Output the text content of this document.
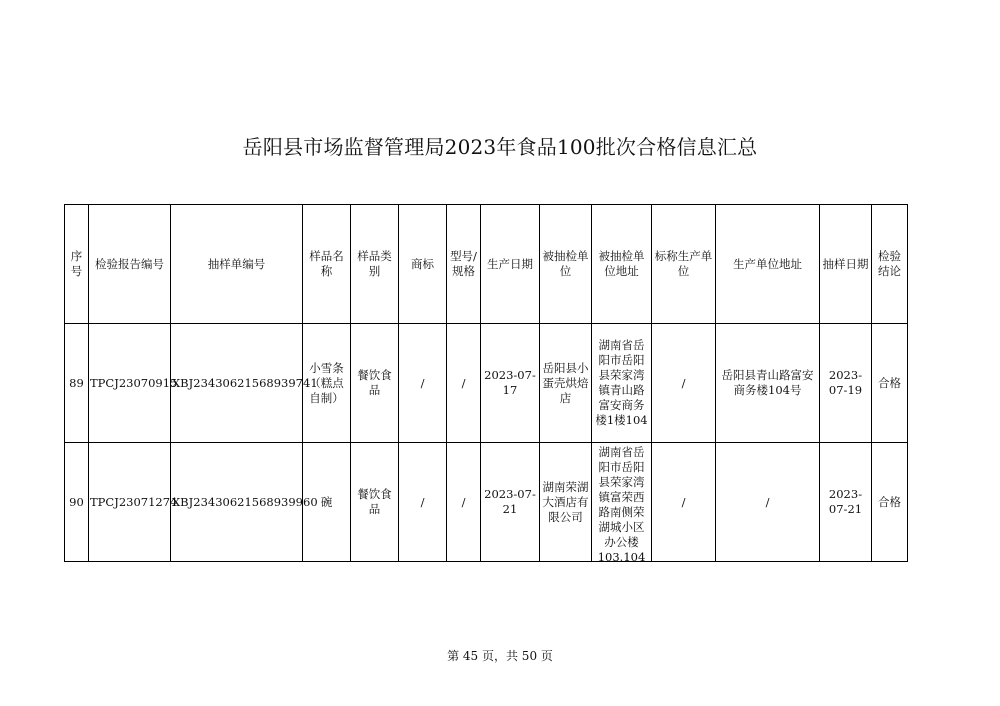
岳阳县市场监督管理局2023年食品100批次合格信息汇总
序号	检验报告编号	抽样单编号	样品名称	样品类别	商标	型号/规格	生产日期	被抽检单位	被抽检单位地址	标称生产单位	生产单位地址	抽样日期	检验结论
89	TPCJ23070915	XBJ23430621568939741	小雪条（糕点自制）	餐饮食品	/	/	2023-07-17	岳阳县小蛋壳烘焙店	湖南省岳阳市岳阳县荣家湾镇青山路富安商务楼1楼104	/	岳阳县青山路富安商务楼104号	2023-07-19	合格
90	TPCJ23071274	XBJ23430621568939960	碗	餐饮食品	/	/	2023-07-21	湖南荣湖大酒店有限公司	湖南省岳阳市岳阳县荣家湾镇富荣西路南侧荣湖城小区办公楼103.104	/	/	2023-07-21	合格
第 45 页，共 50 页
